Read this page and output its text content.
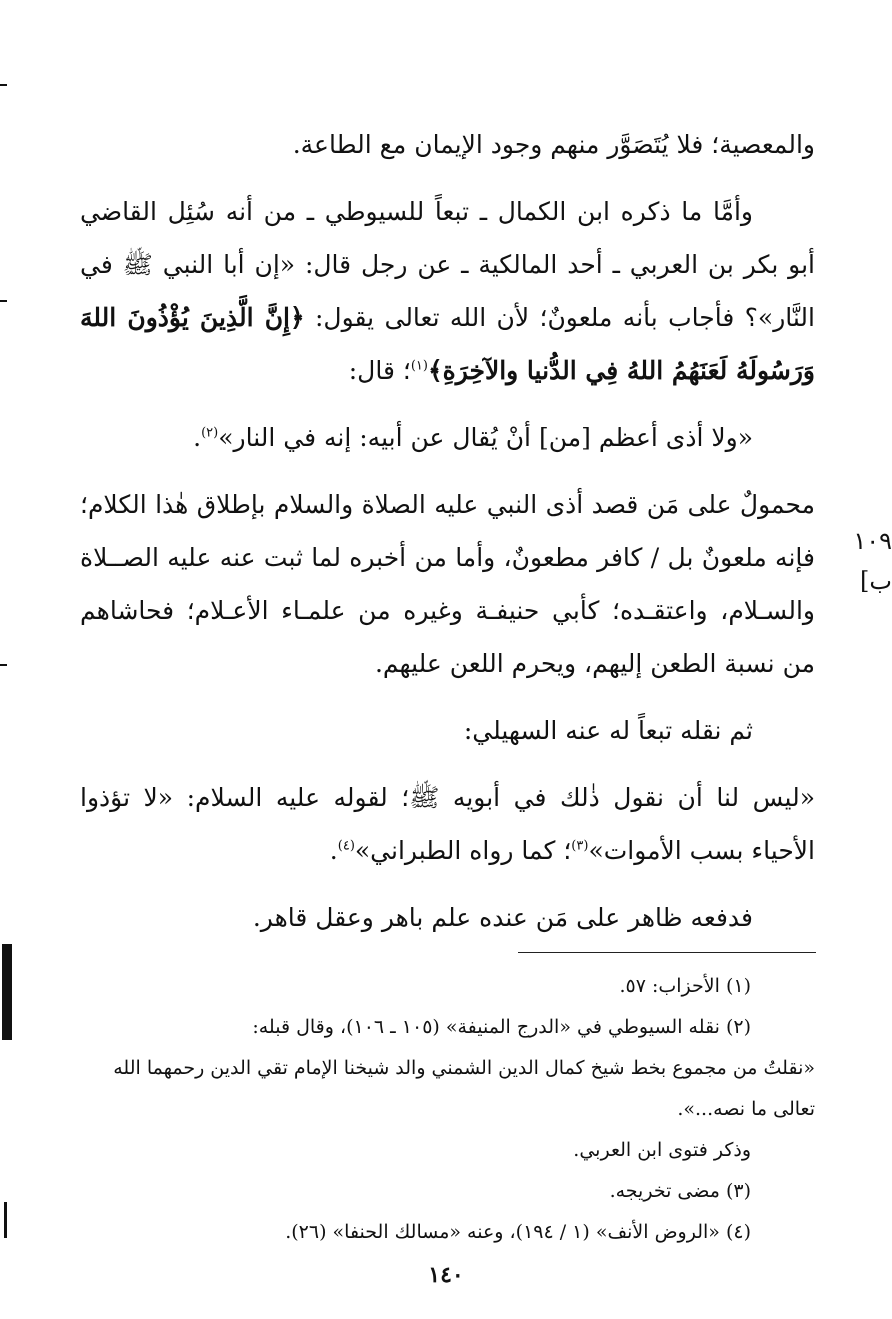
والمعصية؛ فلا يُتَصَوَّر منهم وجود الإيمان مع الطاعة.

وأمَّا ما ذكره ابن الكمال ـ تبعاً للسيوطي ـ من أنه سُئِل القاضي أبو بكر بن العربي ـ أحد المالكية ـ عن رجل قال: «إن أبا النبي ﷺ في النَّار»؟ فأجاب بأنه ملعونٌ؛ لأن الله تعالى يقول: ﴿إِنَّ الَّذِينَ يُؤْذُونَ اللهَ وَرَسُولَهُ لَعَنَهُمُ اللهُ فِي الدُّنيا والآخِرَةِ﴾$^{(١)}$؛ قال:

«ولا أذى أعظم [من] أنْ يُقال عن أبيه: إنه في النار»$^{(٢)}$.

محمولٌ على مَن قصد أذى النبي عليه الصلاة والسلام بإطلاق هٰذا الكلام؛ فإنه ملعونٌ بل / كافر مطعونٌ، وأما من أخبره لما ثبت عنه عليه الصــلاة والسـلام، واعتقـده؛ كأبي حنيفـة وغيره من علمـاء الأعـلام؛ فحاشاهم من نسبة الطعن إليهم، ويحرم اللعن عليهم.

ثم نقله تبعاً له عنه السهيلي:

«ليس لنا أن نقول ذٰلك في أبويه ﷺ؛ لقوله عليه السلام: «لا تؤذوا الأحياء بسب الأموات»$^{(٣)}$؛ كما رواه الطبراني»$^{(٤)}$.

فدفعه ظاهر على مَن عنده علم باهر وعقل قاهر.

١٠٩ ب]

(١) الأحزاب: ٥٧.

(٢) نقله السيوطي في «الدرج المنيفة» (١٠٥ ـ ١٠٦)، وقال قبله:

«نقلتُ من مجموع بخط شيخ كمال الدين الشمني والد شيخنا الإمام تقي الدين رحمهما الله تعالى ما نصه...».

وذكر فتوى ابن العربي.

(٣) مضى تخريجه.

(٤) «الروض الأنف» (١ / ١٩٤)، وعنه «مسالك الحنفا» (٢٦).

١٤٠
